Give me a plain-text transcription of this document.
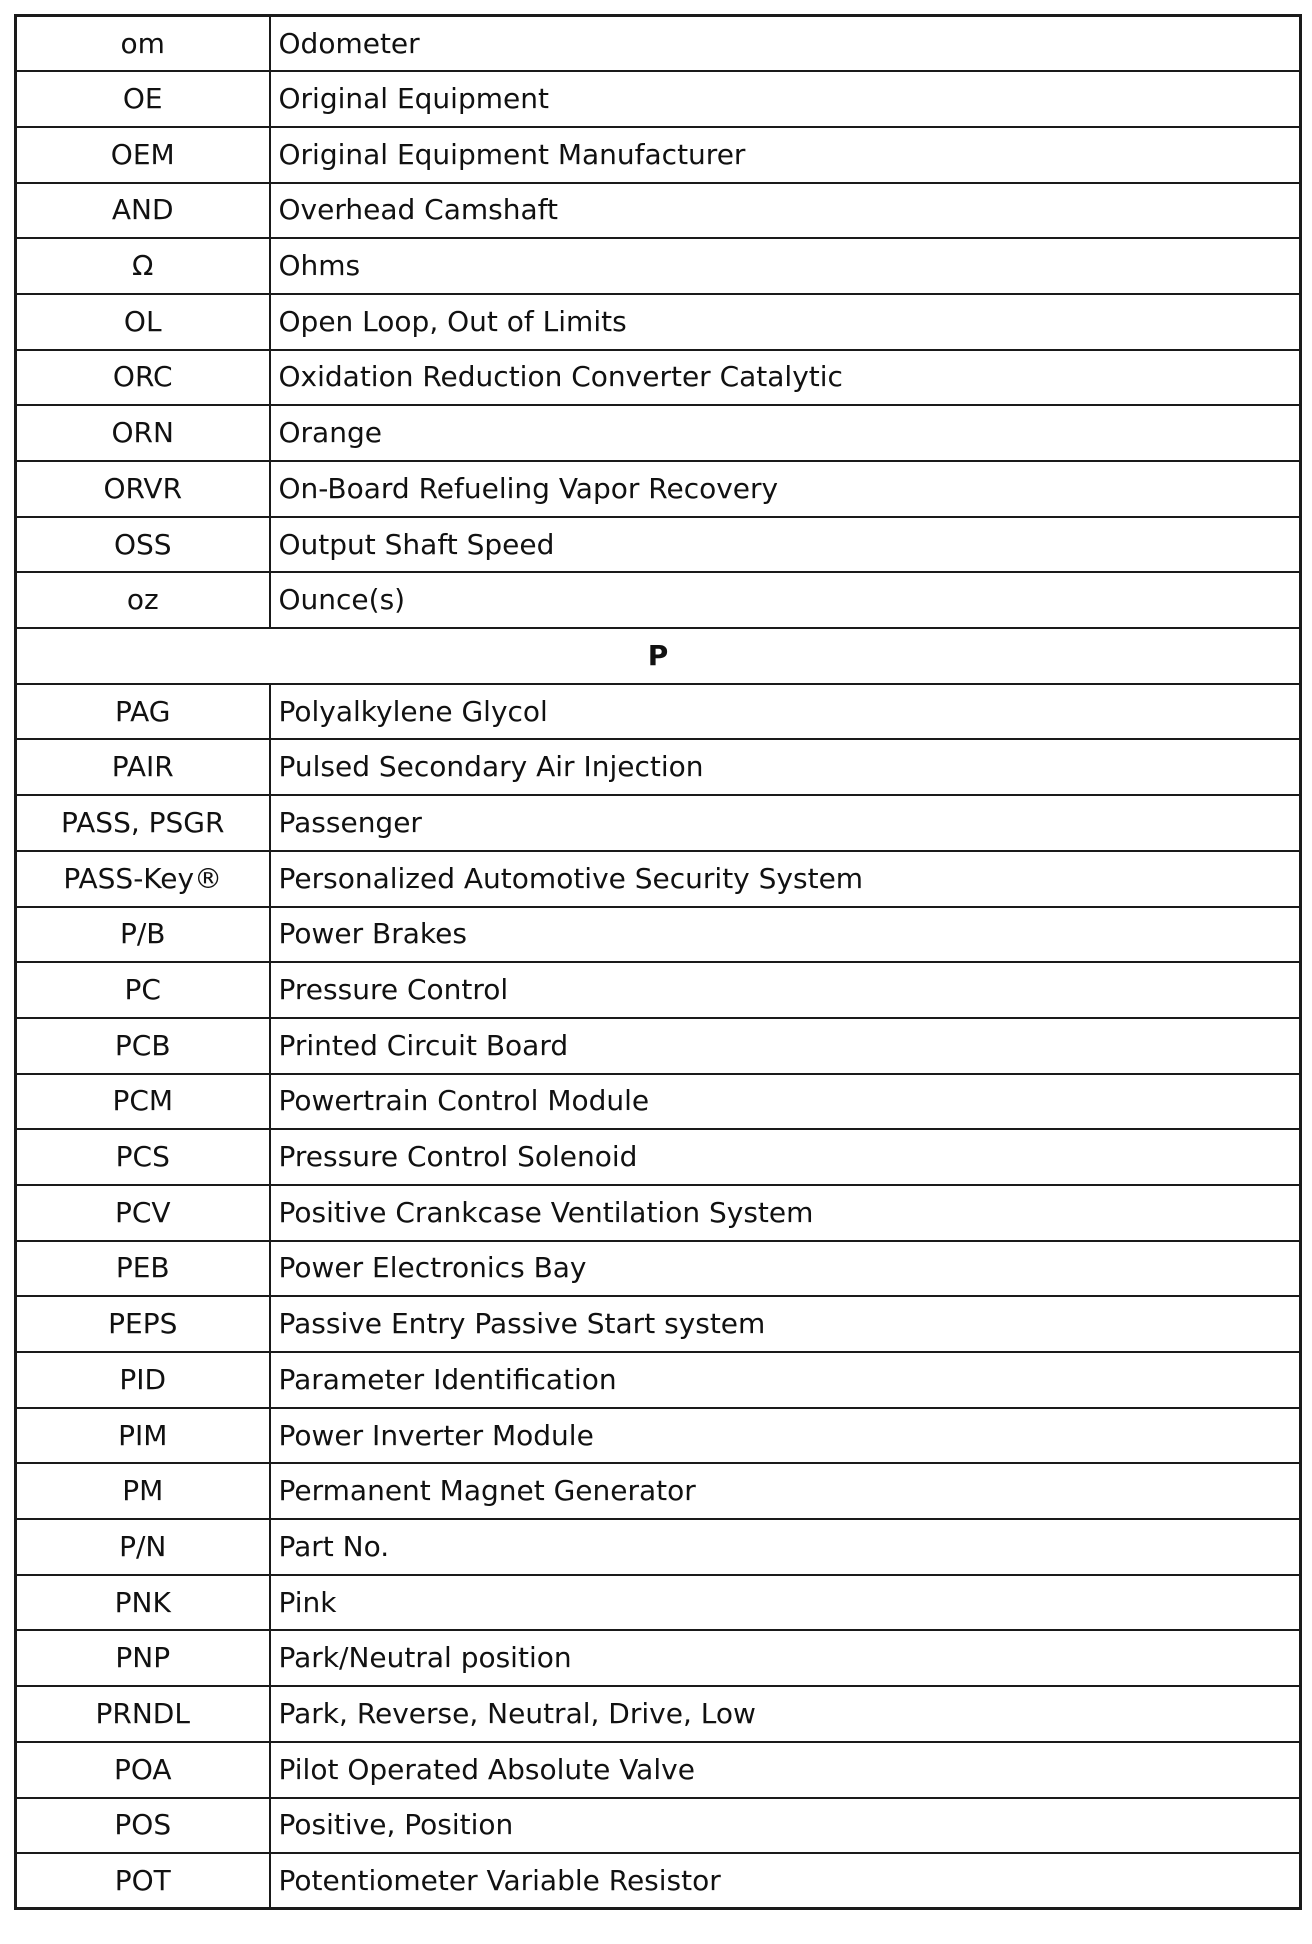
om	Odometer
OE	Original Equipment
OEM	Original Equipment Manufacturer
AND	Overhead Camshaft
Ω	Ohms
OL	Open Loop, Out of Limits
ORC	Oxidation Reduction Converter Catalytic
ORN	Orange
ORVR	On-Board Refueling Vapor Recovery
OSS	Output Shaft Speed
oz	Ounce(s)
P	
PAG	Polyalkylene Glycol
PAIR	Pulsed Secondary Air Injection
PASS, PSGR	Passenger
PASS-Key®	Personalized Automotive Security System
P/B	Power Brakes
PC	Pressure Control
PCB	Printed Circuit Board
PCM	Powertrain Control Module
PCS	Pressure Control Solenoid
PCV	Positive Crankcase Ventilation System
PEB	Power Electronics Bay
PEPS	Passive Entry Passive Start system
PID	Parameter Identification
PIM	Power Inverter Module
PM	Permanent Magnet Generator
P/N	Part No.
PNK	Pink
PNP	Park/Neutral position
PRNDL	Park, Reverse, Neutral, Drive, Low
POA	Pilot Operated Absolute Valve
POS	Positive, Position
POT	Potentiometer Variable Resistor
